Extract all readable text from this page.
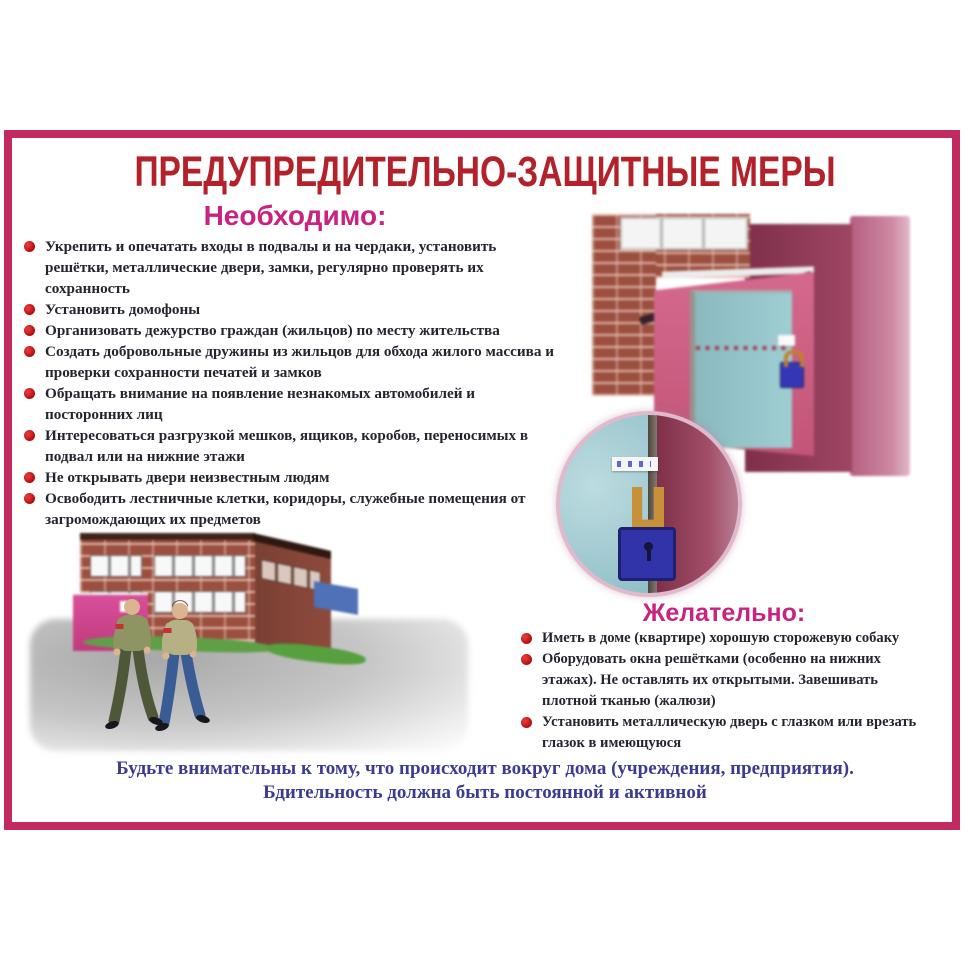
ПРЕДУПРЕДИТЕЛЬНО-ЗАЩИТНЫЕ МЕРЫ
Необходимо:
Укрепить и опечатать входы в подвалы и на чердаки, установить решётки, металлические двери, замки, регулярно проверять их сохранность
Установить домофоны
Организовать дежурство граждан (жильцов) по месту жительства
Создать добровольные дружины из жильцов для обхода жилого массива и проверки сохранности печатей и замков
Обращать внимание на появление незнакомых автомобилей и посторонних лиц
Интересоваться разгрузкой мешков, ящиков, коробов, переносимых в подвал или на нижние этажи
Не открывать двери неизвестным людям
Освободить лестничные клетки, коридоры, служебные помещения от загромождающих их предметов
Желательно:
Иметь в доме (квартире) хорошую сторожевую собаку
Оборудовать окна решётками (особенно на нижних этажах). Не оставлять их открытыми. Завешивать плотной тканью (жалюзи)
Установить металлическую дверь с глазком или врезать глазок в имеющуюся
Будьте внимательны к тому, что происходит вокруг дома (учреждения, предприятия).
Бдительность должна быть постоянной и активной
